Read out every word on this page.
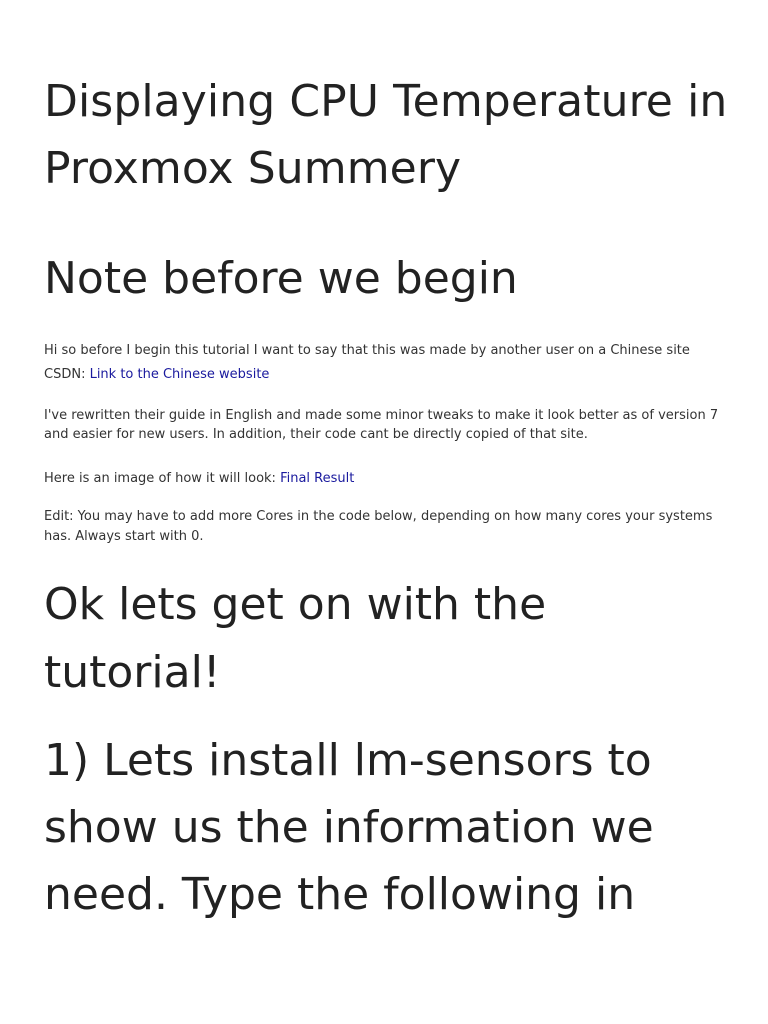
Displaying CPU Temperature in Proxmox Summery
Note before we begin

Hi so before I begin this tutorial I want to say that this was made by another user on a Chinese site CSDN: Link to the Chinese website

I've rewritten their guide in English and made some minor tweaks to make it look better as of version 7 and easier for new users. In addition, their code cant be directly copied of that site.

Here is an image of how it will look: Final Result

Edit: You may have to add more Cores in the code below, depending on how many cores your systems has. Always start with 0.

Ok lets get on with the tutorial!
1) Lets install lm-sensors to show us the information we need. Type the following in
